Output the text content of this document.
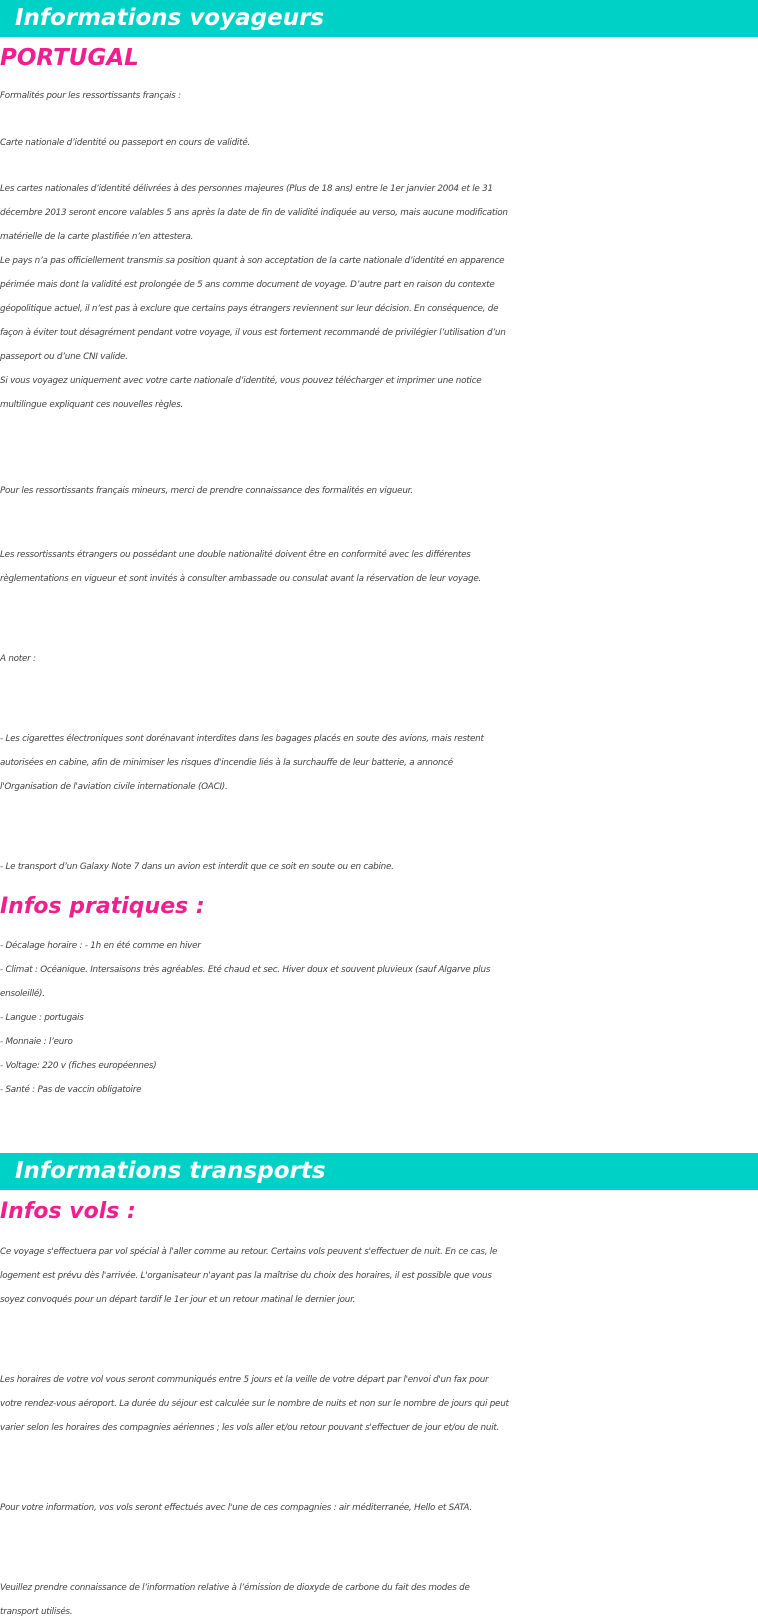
Informations voyageurs
PORTUGAL

Formalités pour les ressortissants français :

Carte nationale d’identité ou passeport en cours de validité.

Les cartes nationales d’identité délivrées à des personnes majeures (Plus de 18 ans) entre le 1er janvier 2004 et le 31
décembre 2013 seront encore valables 5 ans après la date de fin de validité indiquée au verso, mais aucune modification
matérielle de la carte plastifiée n’en attestera.
Le pays n’a pas officiellement transmis sa position quant à son acceptation de la carte nationale d’identité en apparence
périmée mais dont la validité est prolongée de 5 ans comme document de voyage. D’autre part en raison du contexte
géopolitique actuel, il n’est pas à exclure que certains pays étrangers reviennent sur leur décision. En conséquence, de
façon à éviter tout désagrément pendant votre voyage, il vous est fortement recommandé de privilégier l’utilisation d’un
passeport ou d’une CNI valide.
Si vous voyagez uniquement avec votre carte nationale d’identité, vous pouvez télécharger et imprimer une notice
multilingue expliquant ces nouvelles règles.

Pour les ressortissants français mineurs, merci de prendre connaissance des formalités en vigueur.

Les ressortissants étrangers ou possédant une double nationalité doivent être en conformité avec les différentes
règlementations en vigueur et sont invités à consulter ambassade ou consulat avant la réservation de leur voyage.

A noter :

- Les cigarettes électroniques sont dorénavant interdites dans les bagages placés en soute des avions, mais restent
autorisées en cabine, afin de minimiser les risques d'incendie liés à la surchauffe de leur batterie, a annoncé
l'Organisation de l'aviation civile internationale (OACI).

- Le transport d’un Galaxy Note 7 dans un avion est interdit que ce soit en soute ou en cabine.

Infos pratiques :
- Décalage horaire : - 1h en été comme en hiver
- Climat : Océanique. Intersaisons très agréables. Eté chaud et sec. Hiver doux et souvent pluvieux (sauf Algarve plus
ensoleillé).
- Langue : portugais
- Monnaie : l’euro
- Voltage: 220 v (fiches européennes)
- Santé : Pas de vaccin obligatoire
Informations transports
Infos vols :

Ce voyage s'effectuera par vol spécial à l'aller comme au retour. Certains vols peuvent s'effectuer de nuit. En ce cas, le
logement est prévu dès l'arrivée. L'organisateur n'ayant pas la maîtrise du choix des horaires, il est possible que vous
soyez convoqués pour un départ tardif le 1er jour et un retour matinal le dernier jour.

Les horaires de votre vol vous seront communiqués entre 5 jours et la veille de votre départ par l'envoi d'un fax pour
votre rendez-vous aéroport. La durée du séjour est calculée sur le nombre de nuits et non sur le nombre de jours qui peut
varier selon les horaires des compagnies aériennes ; les vols aller et/ou retour pouvant s'effectuer de jour et/ou de nuit.

Pour votre information, vos vols seront effectués avec l'une de ces compagnies : air méditerranée, Hello et SATA.

Veuillez prendre connaissance de l’information relative à l’émission de dioxyde de carbone du fait des modes de
transport utilisés.
